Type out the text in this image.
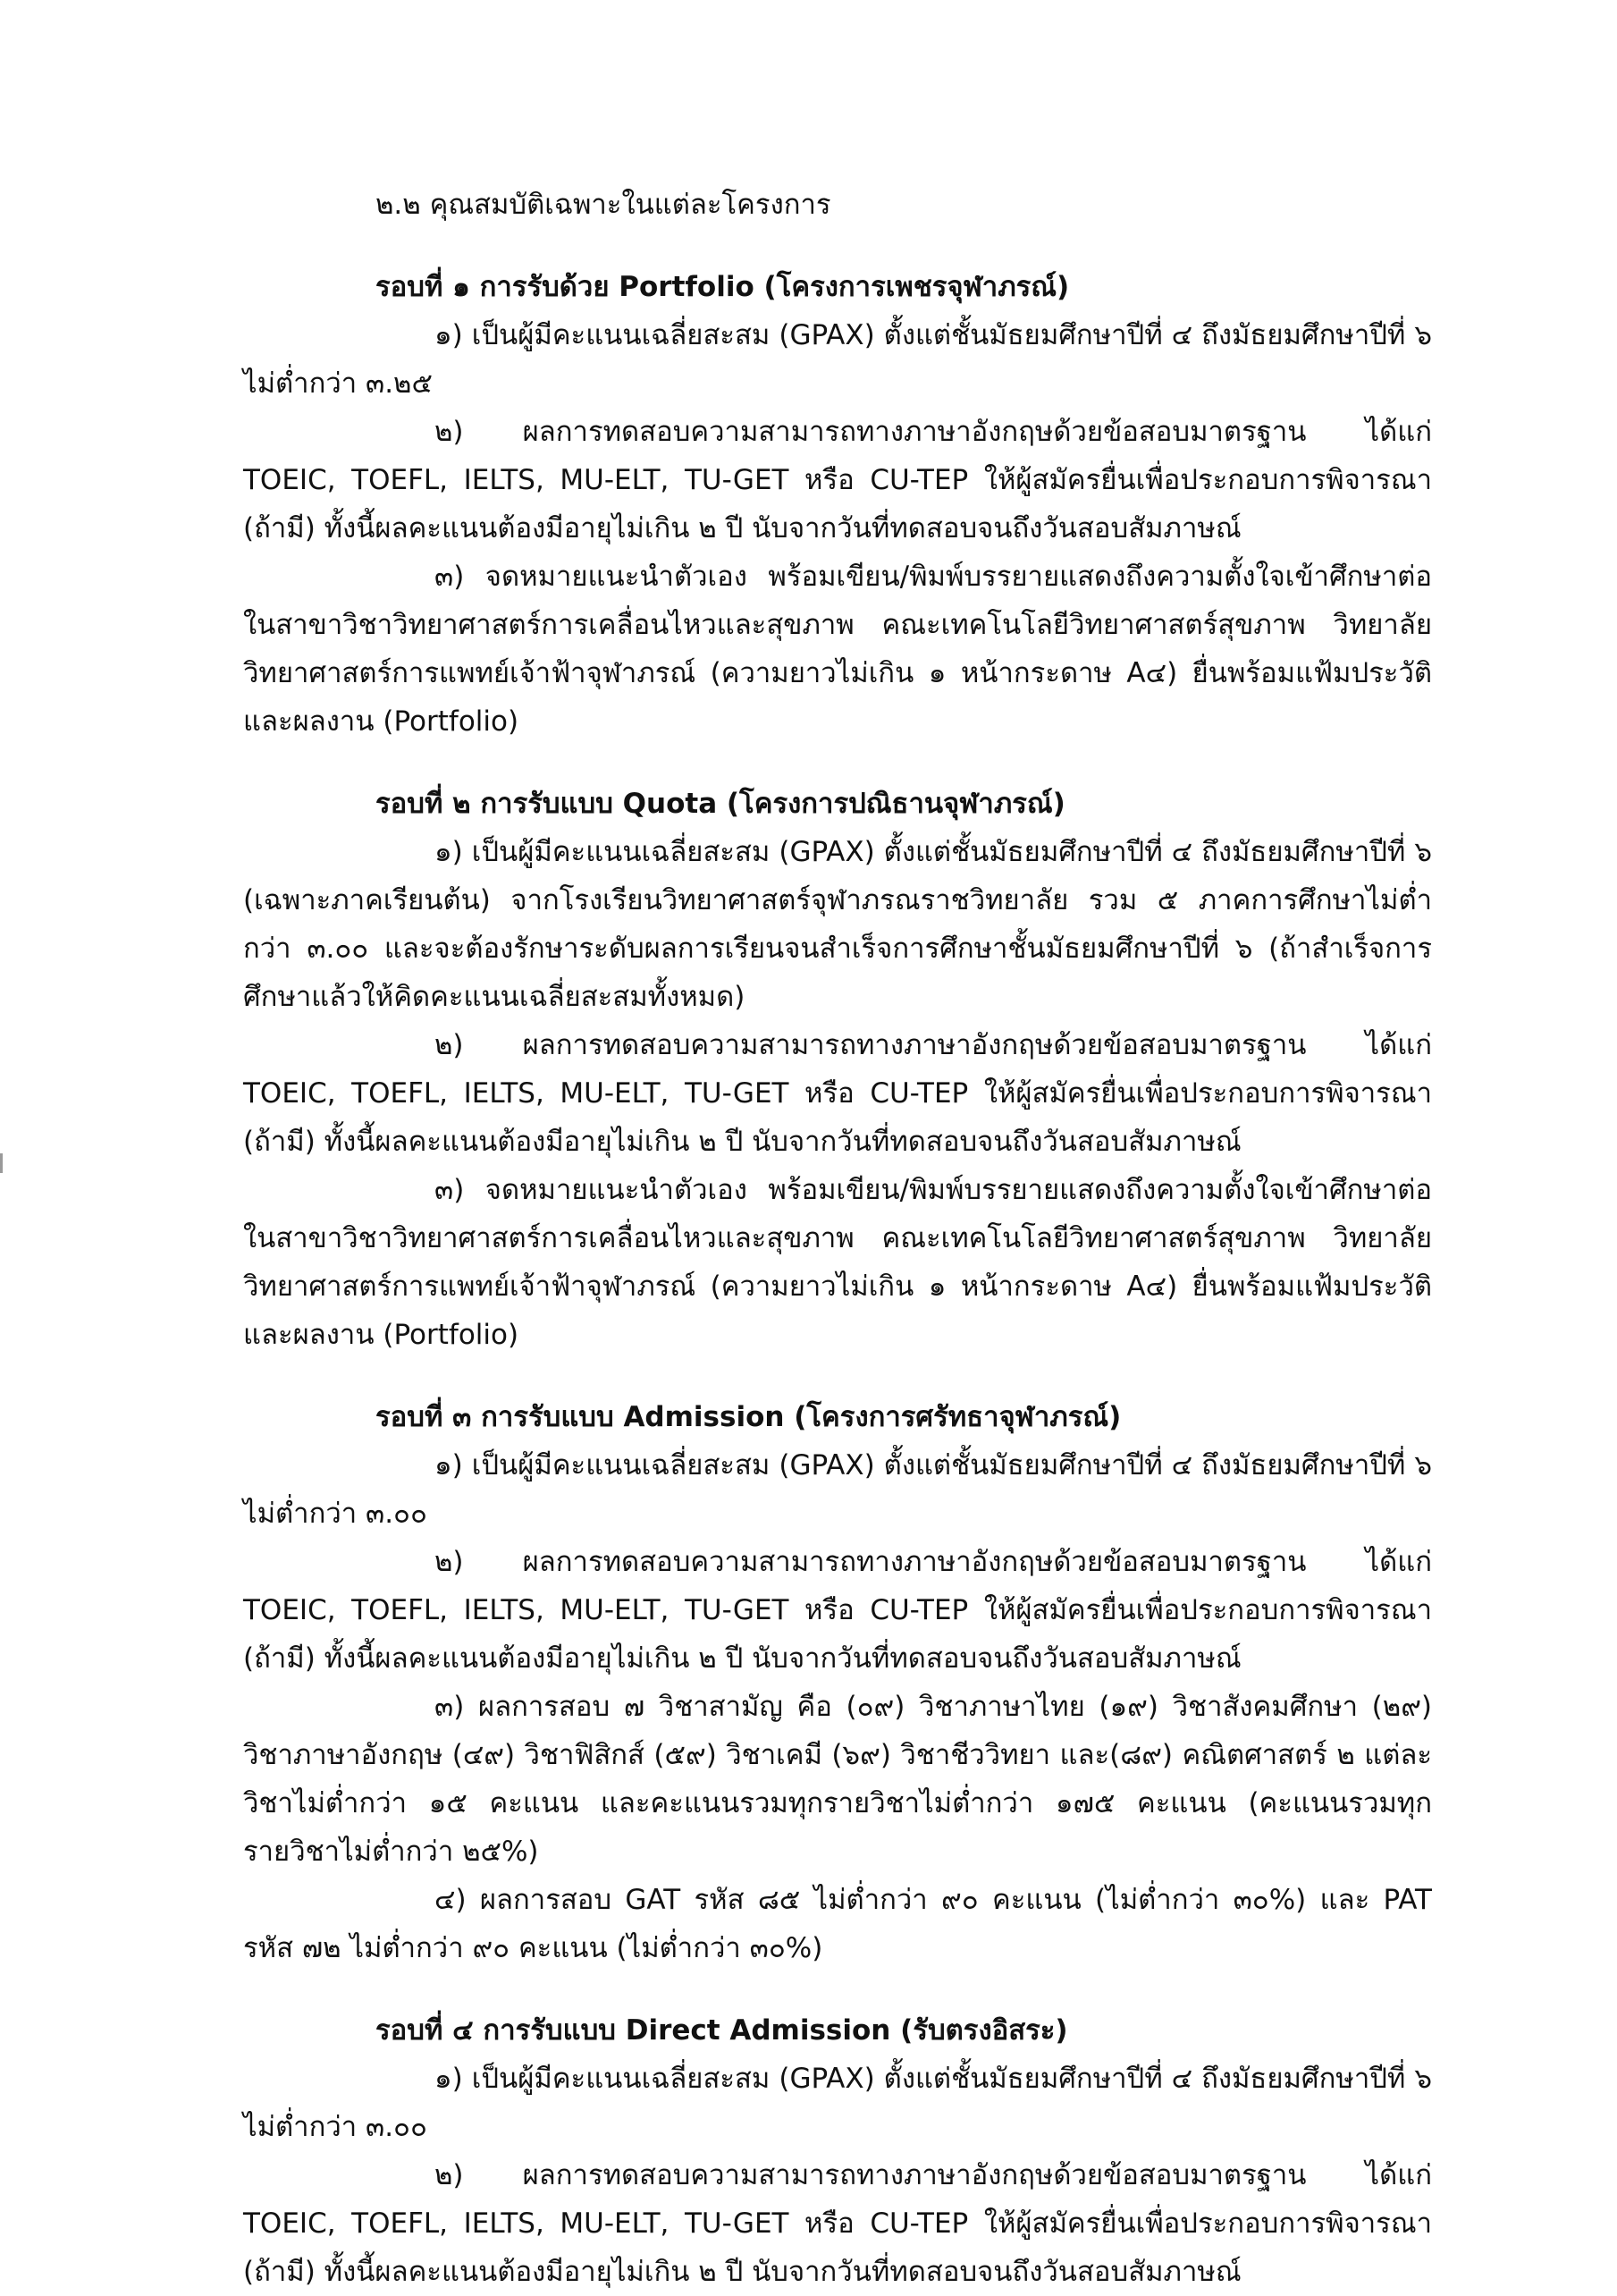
๒.๒ คุณสมบัติเฉพาะในแต่ละโครงการ

รอบที่ ๑ การรับด้วย Portfolio (โครงการเพชรจุฬาภรณ์)

๑) เป็นผู้มีคะแนนเฉลี่ยสะสม (GPAX) ตั้งแต่ชั้นมัธยมศึกษาปีที่ ๔ ถึงมัธยมศึกษาปีที่ ๖ ไม่ต่ำกว่า ๓.๒๕

๒) ผลการทดสอบความสามารถทางภาษาอังกฤษด้วยข้อสอบมาตรฐาน ได้แก่ TOEIC, TOEFL, IELTS, MU-ELT, TU-GET หรือ CU-TEP ให้ผู้สมัครยื่นเพื่อประกอบการพิจารณา (ถ้ามี) ทั้งนี้ผลคะแนนต้องมีอายุไม่เกิน ๒ ปี นับจากวันที่ทดสอบจนถึงวันสอบสัมภาษณ์

๓) จดหมายแนะนำตัวเอง พร้อมเขียน/พิมพ์บรรยายแสดงถึงความตั้งใจเข้าศึกษาต่อในสาขาวิชาวิทยาศาสตร์การเคลื่อนไหวและสุขภาพ คณะเทคโนโลยีวิทยาศาสตร์สุขภาพ วิทยาลัยวิทยาศาสตร์การแพทย์เจ้าฟ้าจุฬาภรณ์ (ความยาวไม่เกิน ๑ หน้ากระดาษ A๔) ยื่นพร้อมแฟ้มประวัติและผลงาน (Portfolio)

รอบที่ ๒ การรับแบบ Quota (โครงการปณิธานจุฬาภรณ์)

๑) เป็นผู้มีคะแนนเฉลี่ยสะสม (GPAX) ตั้งแต่ชั้นมัธยมศึกษาปีที่ ๔ ถึงมัธยมศึกษาปีที่ ๖ (เฉพาะภาคเรียนต้น) จากโรงเรียนวิทยาศาสตร์จุฬาภรณราชวิทยาลัย รวม ๕ ภาคการศึกษาไม่ต่ำกว่า ๓.๐๐ และจะต้องรักษาระดับผลการเรียนจนสำเร็จการศึกษาชั้นมัธยมศึกษาปีที่ ๖ (ถ้าสำเร็จการศึกษาแล้วให้คิดคะแนนเฉลี่ยสะสมทั้งหมด)

๒) ผลการทดสอบความสามารถทางภาษาอังกฤษด้วยข้อสอบมาตรฐาน ได้แก่ TOEIC, TOEFL, IELTS, MU-ELT, TU-GET หรือ CU-TEP ให้ผู้สมัครยื่นเพื่อประกอบการพิจารณา (ถ้ามี) ทั้งนี้ผลคะแนนต้องมีอายุไม่เกิน ๒ ปี นับจากวันที่ทดสอบจนถึงวันสอบสัมภาษณ์

๓) จดหมายแนะนำตัวเอง พร้อมเขียน/พิมพ์บรรยายแสดงถึงความตั้งใจเข้าศึกษาต่อในสาขาวิชาวิทยาศาสตร์การเคลื่อนไหวและสุขภาพ คณะเทคโนโลยีวิทยาศาสตร์สุขภาพ วิทยาลัยวิทยาศาสตร์การแพทย์เจ้าฟ้าจุฬาภรณ์ (ความยาวไม่เกิน ๑ หน้ากระดาษ A๔) ยื่นพร้อมแฟ้มประวัติและผลงาน (Portfolio)

รอบที่ ๓ การรับแบบ Admission (โครงการศรัทธาจุฬาภรณ์)

๑) เป็นผู้มีคะแนนเฉลี่ยสะสม (GPAX) ตั้งแต่ชั้นมัธยมศึกษาปีที่ ๔ ถึงมัธยมศึกษาปีที่ ๖ ไม่ต่ำกว่า ๓.๐๐

๒) ผลการทดสอบความสามารถทางภาษาอังกฤษด้วยข้อสอบมาตรฐาน ได้แก่ TOEIC, TOEFL, IELTS, MU-ELT, TU-GET หรือ CU-TEP ให้ผู้สมัครยื่นเพื่อประกอบการพิจารณา (ถ้ามี) ทั้งนี้ผลคะแนนต้องมีอายุไม่เกิน ๒ ปี นับจากวันที่ทดสอบจนถึงวันสอบสัมภาษณ์

๓) ผลการสอบ ๗ วิชาสามัญ คือ (๐๙) วิชาภาษาไทย (๑๙) วิชาสังคมศึกษา (๒๙) วิชาภาษาอังกฤษ (๔๙) วิชาฟิสิกส์ (๕๙) วิชาเคมี (๖๙) วิชาชีววิทยา และ(๘๙) คณิตศาสตร์ ๒ แต่ละวิชาไม่ต่ำกว่า ๑๕ คะแนน และคะแนนรวมทุกรายวิชาไม่ต่ำกว่า ๑๗๕ คะแนน (คะแนนรวมทุกรายวิชาไม่ต่ำกว่า ๒๕%)

๔) ผลการสอบ GAT รหัส ๘๕ ไม่ต่ำกว่า ๙๐ คะแนน (ไม่ต่ำกว่า ๓๐%) และ PAT รหัส ๗๒ ไม่ต่ำกว่า ๙๐ คะแนน (ไม่ต่ำกว่า ๓๐%)

รอบที่ ๔ การรับแบบ Direct Admission (รับตรงอิสระ)

๑) เป็นผู้มีคะแนนเฉลี่ยสะสม (GPAX) ตั้งแต่ชั้นมัธยมศึกษาปีที่ ๔ ถึงมัธยมศึกษาปีที่ ๖ ไม่ต่ำกว่า ๓.๐๐

๒) ผลการทดสอบความสามารถทางภาษาอังกฤษด้วยข้อสอบมาตรฐาน ได้แก่ TOEIC, TOEFL, IELTS, MU-ELT, TU-GET หรือ CU-TEP ให้ผู้สมัครยื่นเพื่อประกอบการพิจารณา (ถ้ามี) ทั้งนี้ผลคะแนนต้องมีอายุไม่เกิน ๒ ปี นับจากวันที่ทดสอบจนถึงวันสอบสัมภาษณ์
